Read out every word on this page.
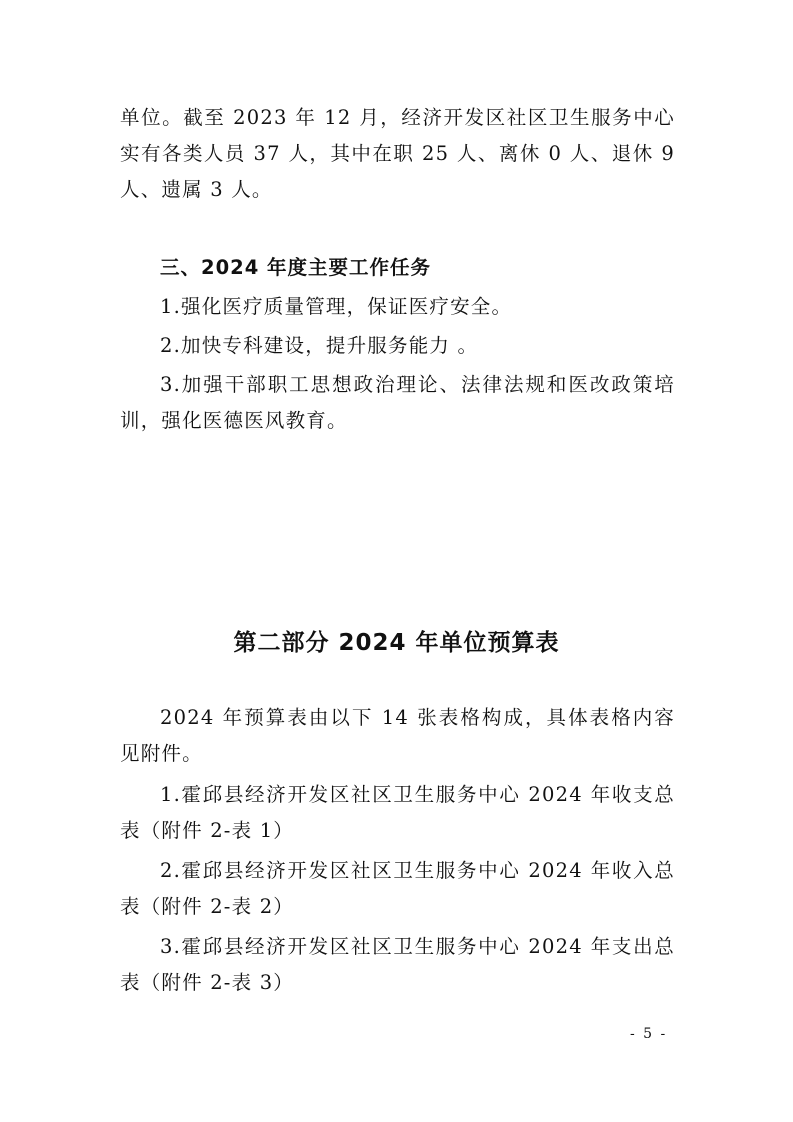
单位。截至 2023 年 12 月，经济开发区社区卫生服务中心实有各类人员 37 人，其中在职 25 人、离休 0 人、退休 9 人、遗属 3 人。

三、2024 年度主要工作任务

1.强化医疗质量管理，保证医疗安全。

2.加快专科建设，提升服务能力 。

3.加强干部职工思想政治理论、法律法规和医改政策培训，强化医德医风教育。

第二部分 2024 年单位预算表

2024 年预算表由以下 14 张表格构成，具体表格内容见附件。

1.霍邱县经济开发区社区卫生服务中心 2024 年收支总表（附件 2-表 1）

2.霍邱县经济开发区社区卫生服务中心 2024 年收入总表（附件 2-表 2）

3.霍邱县经济开发区社区卫生服务中心 2024 年支出总表（附件 2-表 3）

- 5 -
